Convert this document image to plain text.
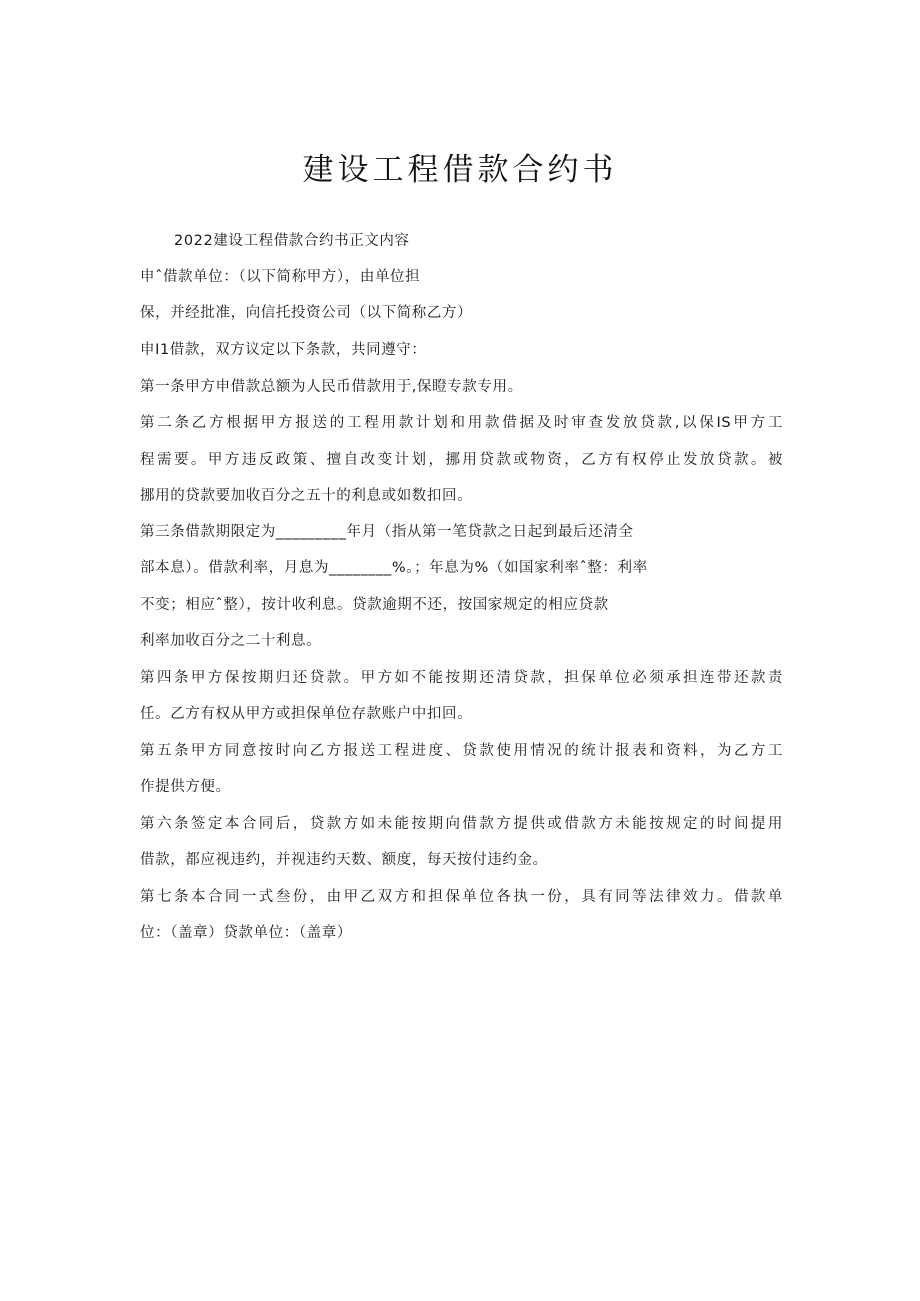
建设工程借款合约书
2022建设工程借款合约书正文内容
申ˆ借款单位：（以下简称甲方），由单位担
保，并经批准，向信托投资公司（以下简称乙方）
申I1借款，双方议定以下条款，共同遵守：
第一条甲方申借款总额为人民币借款用于,保瞪专款专用。
第二条乙方根据甲方报送的工程用款计划和用款借据及时审查发放贷款,以保IS甲方工
程需要。甲方违反政策、擅自改变计划，挪用贷款或物资，乙方有权停止发放贷款。被
挪用的贷款要加收百分之五十的利息或如数扣回。
第三条借款期限定为_________年月（指从第一笔贷款之日起到最后还清全
部本息）。借款利率，月息为________%。；年息为%（如国家利率ˆ整：利率
不变；相应ˆ整），按计收利息。贷款逾期不还，按国家规定的相应贷款
利率加收百分之二十利息。
第四条甲方保按期归还贷款。甲方如不能按期还清贷款，担保单位必须承担连带还款责
任。乙方有权从甲方或担保单位存款账户中扣回。
第五条甲方同意按时向乙方报送工程进度、贷款使用情况的统计报表和资料，为乙方工
作提供方便。
第六条签定本合同后，贷款方如未能按期向借款方提供或借款方未能按规定的时间提用
借款，都应视违约，并视违约天数、额度，每天按付违约金。
第七条本合同一式叁份，由甲乙双方和担保单位各执一份，具有同等法律效力。借款单
位：（盖章）贷款单位：（盖章）
